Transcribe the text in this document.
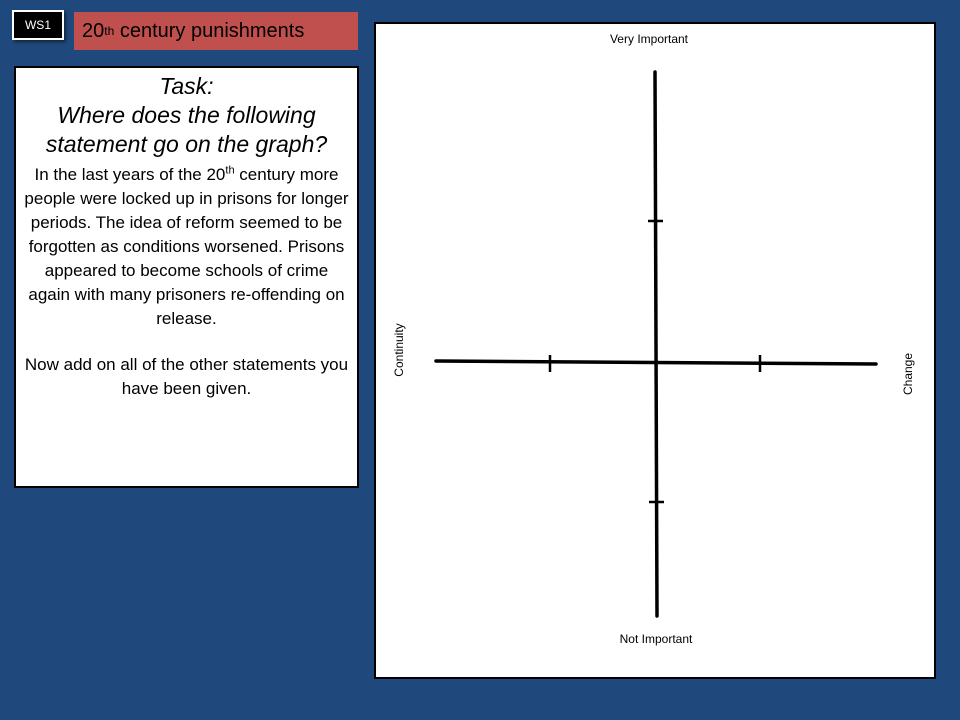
WS1 20 th century punishments

Task:
Where does the following statement go on the graph?

In the last years of the 20th century more people were locked up in prisons for longer periods. The idea of reform seemed to be forgotten as conditions worsened. Prisons appeared to become schools of crime again with many prisoners re-offending on release.

Now add on all of the other statements you have been given.

Very Important
Not Important
Continuity	Change
